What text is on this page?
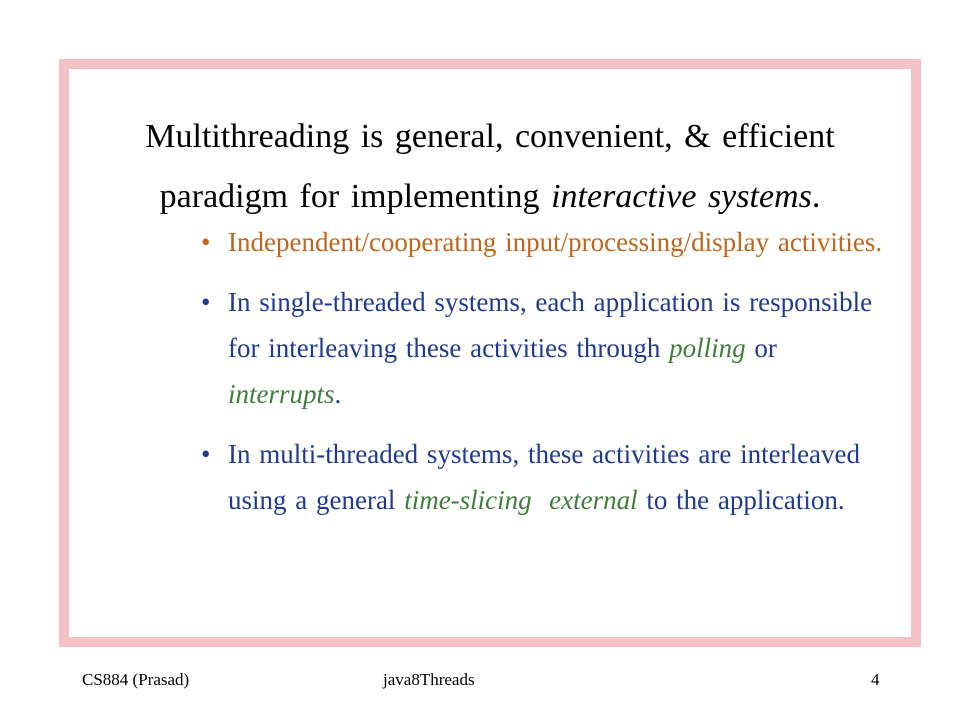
Multithreading is general, convenient, & efficient
paradigm for implementing interactive systems.
• Independent/cooperating input/processing/display activities.
• In single-threaded systems, each application is responsible for interleaving these activities through polling or interrupts.
• In multi-threaded systems, these activities are interleaved using a general time-slicing external to the application.
CS884 (Prasad)	java8Threads	4
